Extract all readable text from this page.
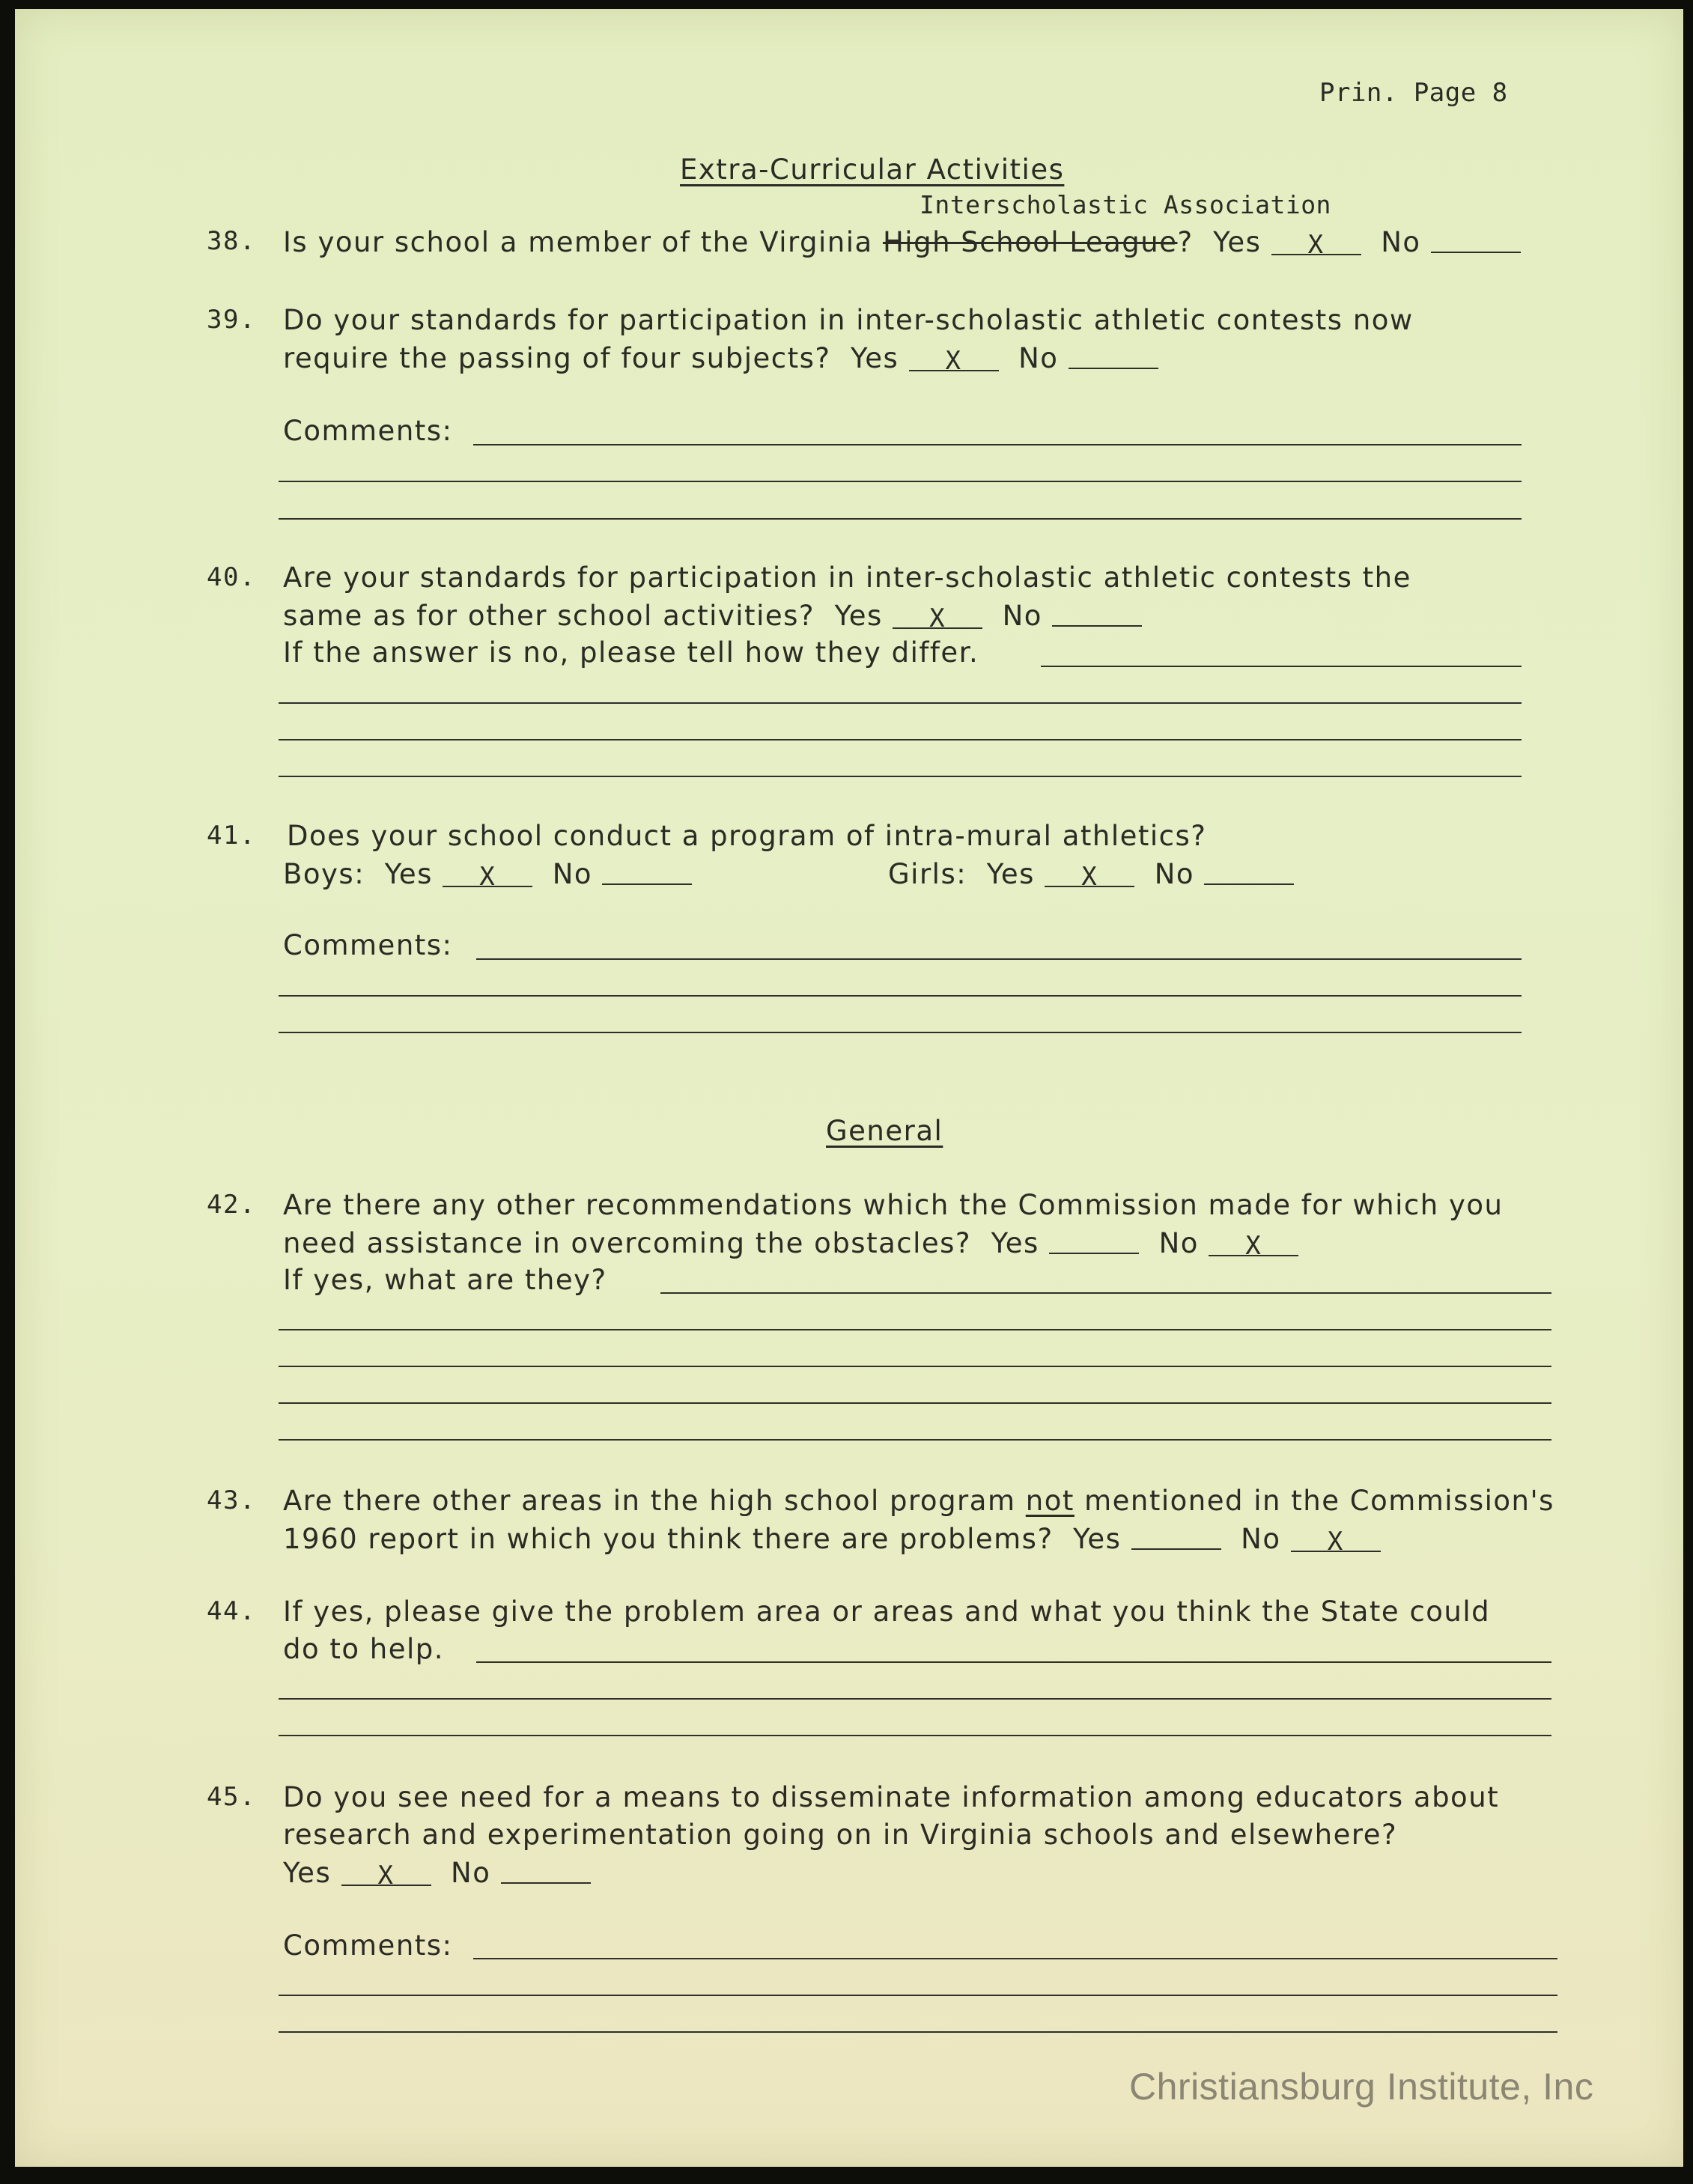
Prin. Page 8
Extra-Curricular Activities
Interscholastic Association
38. Is your school a member of the Virginia High School League? Yes X No
39. Do your standards for participation in inter-scholastic athletic contests now
require the passing of four subjects? Yes X No
Comments:
40. Are your standards for participation in inter-scholastic athletic contests the
same as for other school activities? Yes X No
If the answer is no, please tell how they differ.
41. Does your school conduct a program of intra-mural athletics?
Boys: Yes X No	Girls: Yes X No
Comments:
General
42. Are there any other recommendations which the Commission made for which you
need assistance in overcoming the obstacles? Yes	No X
If yes, what are they?
43. Are there other areas in the high school program not mentioned in the Commission's
1960 report in which you think there are problems? Yes	No X
44. If yes, please give the problem area or areas and what you think the State could
do to help.
45. Do you see need for a means to disseminate information among educators about
research and experimentation going on in Virginia schools and elsewhere?
Yes X No
Comments:
Christiansburg Institute, Inc
